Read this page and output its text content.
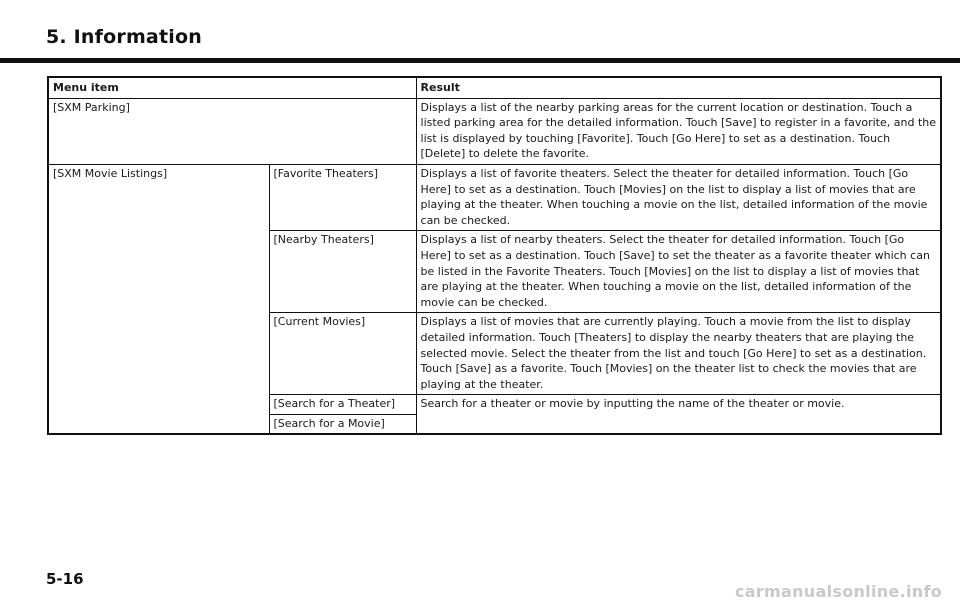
5. Information
Menu item		Result
[SXM Parking]		Displays a list of the nearby parking areas for the current location or destination. Touch a listed parking area for the detailed information. Touch [Save] to register in a favorite, and the list is displayed by touching [Favorite]. Touch [Go Here] to set as a destination. Touch [Delete] to delete the favorite.
[SXM Movie Listings]	[Favorite Theaters]	Displays a list of favorite theaters. Select the theater for detailed information. Touch [Go Here] to set as a destination. Touch [Movies] on the list to display a list of movies that are playing at the theater. When touching a movie on the list, detailed information of the movie can be checked.
	[Nearby Theaters]	Displays a list of nearby theaters. Select the theater for detailed information. Touch [Go Here] to set as a destination. Touch [Save] to set the theater as a favorite theater which can be listed in the Favorite Theaters. Touch [Movies] on the list to display a list of movies that are playing at the theater. When touching a movie on the list, detailed information of the movie can be checked.
	[Current Movies]	Displays a list of movies that are currently playing. Touch a movie from the list to display detailed information. Touch [Theaters] to display the nearby theaters that are playing the selected movie. Select the theater from the list and touch [Go Here] to set as a destination. Touch [Save] as a favorite. Touch [Movies] on the theater list to check the movies that are playing at the theater.
	[Search for a Theater]	Search for a theater or movie by inputting the name of the theater or movie.
	[Search for a Movie]	
5-16
carmanualsonline.info
